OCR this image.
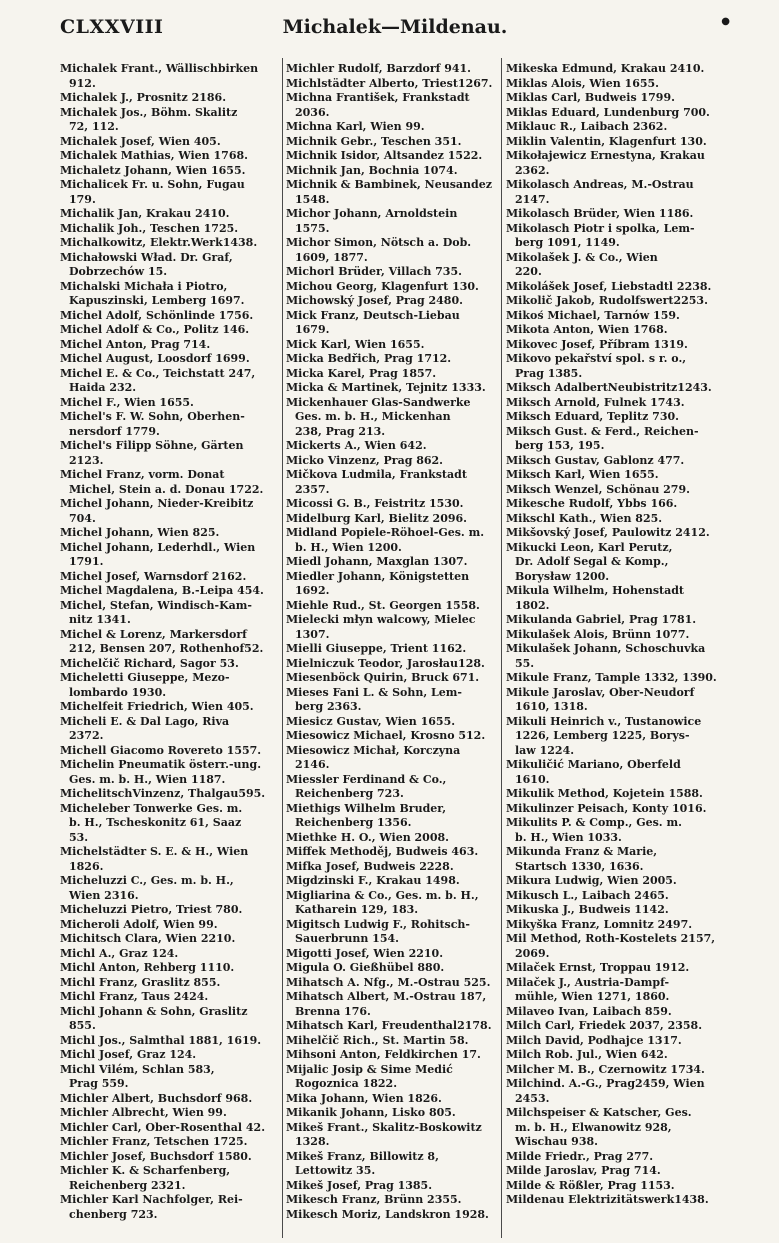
CLXXVIII	Michalek—Mildenau.	●
Michalek Frant., Wällischbirken
912.
Michalek J., Prosnitz 2186.
Michalek Jos., Böhm. Skalitz
72, 112.
Michalek Josef, Wien 405.
Michalek Mathias, Wien 1768.
Michaletz Johann, Wien 1655.
Michalicek Fr. u. Sohn, Fugau
179.
Michalik Jan, Krakau 2410.
Michalik Joh., Teschen 1725.
Michalkowitz, Elektr.Werk1438.
Michałowski Wład. Dr. Graf,
Dobrzechów 15.
Michalski Michała i Piotro,
Kapuszinski, Lemberg 1697.
Michel Adolf, Schönlinde 1756.
Michel Adolf & Co., Politz 146.
Michel Anton, Prag 714.
Michel August, Loosdorf 1699.
Michel E. & Co., Teichstatt 247,
Haida 232.
Michel F., Wien 1655.
Michel's F. W. Sohn, Oberhen-
nersdorf 1779.
Michel's Filipp Söhne, Gärten
2123.
Michel Franz, vorm. Donat
Michel, Stein a. d. Donau 1722.
Michel Johann, Nieder-Kreibitz
704.
Michel Johann, Wien 825.
Michel Johann, Lederhdl., Wien
1791.
Michel Josef, Warnsdorf 2162.
Michel Magdalena, B.-Leipa 454.
Michel, Stefan, Windisch-Kam-
nitz 1341.
Michel & Lorenz, Markersdorf
212, Bensen 207, Rothenhof52.
Michelčič Richard, Sagor 53.
Micheletti Giuseppe, Mezo-
lombardo 1930.
Michelfeit Friedrich, Wien 405.
Micheli E. & Dal Lago, Riva
2372.
Michell Giacomo Rovereto 1557.
Michelin Pneumatik österr.-ung.
Ges. m. b. H., Wien 1187.
MichelitschVinzenz, Thalgau595.
Micheleber Tonwerke Ges. m.
b. H., Tscheskonitz 61, Saaz
53.
Michelstädter S. E. & H., Wien
1826.
Micheluzzi C., Ges. m. b. H.,
Wien 2316.
Micheluzzi Pietro, Triest 780.
Micheroli Adolf, Wien 99.
Michitsch Clara, Wien 2210.
Michl A., Graz 124.
Michl Anton, Rehberg 1110.
Michl Franz, Graslitz 855.
Michl Franz, Taus 2424.
Michl Johann & Sohn, Graslitz
855.
Michl Jos., Salmthal 1881, 1619.
Michl Josef, Graz 124.
Michl Vilém, Schlan 583,
Prag 559.
Michler Albert, Buchsdorf 968.
Michler Albrecht, Wien 99.
Michler Carl, Ober-Rosenthal 42.
Michler Franz, Tetschen 1725.
Michler Josef, Buchsdorf 1580.
Michler K. & Scharfenberg,
Reichenberg 2321.
Michler Karl Nachfolger, Rei-
chenberg 723.
Michler Rudolf, Barzdorf 941.
Michlstädter Alberto, Triest1267.
Michna František, Frankstadt
2036.
Michna Karl, Wien 99.
Michnik Gebr., Teschen 351.
Michnik Isidor, Altsandez 1522.
Michnik Jan, Bochnia 1074.
Michnik & Bambinek, Neusandez
1548.
Michor Johann, Arnoldstein
1575.
Michor Simon, Nötsch a. Dob.
1609, 1877.
Michorl Brüder, Villach 735.
Michou Georg, Klagenfurt 130.
Michowský Josef, Prag 2480.
Mick Franz, Deutsch-Liebau
1679.
Mick Karl, Wien 1655.
Micka Bedřich, Prag 1712.
Micka Karel, Prag 1857.
Micka & Martinek, Tejnitz 1333.
Mickenhauer Glas-Sandwerke
Ges. m. b. H., Mickenhan
238, Prag 213.
Mickerts A., Wien 642.
Micko Vinzenz, Prag 862.
Mičkova Ludmila, Frankstadt
2357.
Micossi G. B., Feistritz 1530.
Midelburg Karl, Bielitz 2096.
Midland Popiele-Röhoel-Ges. m.
b. H., Wien 1200.
Miedl Johann, Maxglan 1307.
Miedler Johann, Königstetten
1692.
Miehle Rud., St. Georgen 1558.
Mielecki młyn walcowy, Mielec
1307.
Mielli Giuseppe, Trient 1162.
Mielniczuk Teodor, Jarosłau128.
Miesenböck Quirin, Bruck 671.
Mieses Fani L. & Sohn, Lem-
berg 2363.
Miesicz Gustav, Wien 1655.
Miesowicz Michael, Krosno 512.
Miesowicz Michał, Korczyna
2146.
Miessler Ferdinand & Co.,
Reichenberg 723.
Miethigs Wilhelm Bruder,
Reichenberg 1356.
Miethke H. O., Wien 2008.
Miffek Methoděj, Budweis 463.
Mifka Josef, Budweis 2228.
Migdzinski F., Krakau 1498.
Migliarina & Co., Ges. m. b. H.,
Katharein 129, 183.
Migitsch Ludwig F., Rohitsch-
Sauerbrunn 154.
Migotti Josef, Wien 2210.
Migula O. Gießhübel 880.
Mihatsch A. Nfg., M.-Ostrau 525.
Mihatsch Albert, M.-Ostrau 187,
Brenna 176.
Mihatsch Karl, Freudenthal2178.
Mihelčič Rich., St. Martin 58.
Mihsoni Anton, Feldkirchen 17.
Mijalic Josip & Sime Medić
Rogoznica 1822.
Mika Johann, Wien 1826.
Mikanik Johann, Lisko 805.
Mikeš Frant., Skalitz-Boskowitz
1328.
Mikeš Franz, Billowitz 8,
Lettowitz 35.
Mikeš Josef, Prag 1385.
Mikesch Franz, Brünn 2355.
Mikesch Moriz, Landskron 1928.
Mikeska Edmund, Krakau 2410.
Miklas Alois, Wien 1655.
Miklas Carl, Budweis 1799.
Miklas Eduard, Lundenburg 700.
Miklauc R., Laibach 2362.
Miklin Valentin, Klagenfurt 130.
Mikołajewicz Ernestyna, Krakau
2362.
Mikolasch Andreas, M.-Ostrau
2147.
Mikolasch Brüder, Wien 1186.
Mikolasch Piotr i spolka, Lem-
berg 1091, 1149.
Mikolašek J. & Co., Wien
220.
Mikolášek Josef, Liebstadtl 2238.
Mikolič Jakob, Rudolfswert2253.
Mikoś Michael, Tarnów 159.
Mikota Anton, Wien 1768.
Mikovec Josef, Příbram 1319.
Mikovo pekařství spol. s r. o.,
Prag 1385.
Miksch AdalbertNeubistritz1243.
Miksch Arnold, Fulnek 1743.
Miksch Eduard, Teplitz 730.
Miksch Gust. & Ferd., Reichen-
berg 153, 195.
Miksch Gustav, Gablonz 477.
Miksch Karl, Wien 1655.
Miksch Wenzel, Schönau 279.
Mikesche Rudolf, Ybbs 166.
Mikschl Kath., Wien 825.
Mikšovský Josef, Paulowitz 2412.
Mikucki Leon, Karl Perutz,
Dr. Adolf Segal & Komp.,
Borysław 1200.
Mikula Wilhelm, Hohenstadt
1802.
Mikulanda Gabriel, Prag 1781.
Mikulašek Alois, Brünn 1077.
Mikulašek Johann, Schoschuvka
55.
Mikule Franz, Tample 1332, 1390.
Mikule Jaroslav, Ober-Neudorf
1610, 1318.
Mikuli Heinrich v., Tustanowice
1226, Lemberg 1225, Borys-
law 1224.
Mikuličić Mariano, Oberfeld
1610.
Mikulik Method, Kojetein 1588.
Mikulinzer Peisach, Konty 1016.
Mikulits P. & Comp., Ges. m.
b. H., Wien 1033.
Mikunda Franz & Marie,
Startsch 1330, 1636.
Mikura Ludwig, Wien 2005.
Mikusch L., Laibach 2465.
Mikuska J., Budweis 1142.
Mikyška Franz, Lomnitz 2497.
Mil Method, Roth-Kostelets 2157,
2069.
Milaček Ernst, Troppau 1912.
Milaček J., Austria-Dampf-
mühle, Wien 1271, 1860.
Milaveo Ivan, Laibach 859.
Milch Carl, Friedek 2037, 2358.
Milch David, Podhajce 1317.
Milch Rob. Jul., Wien 642.
Milcher M. B., Czernowitz 1734.
Milchind. A.-G., Prag2459, Wien
2453.
Milchspeiser & Katscher, Ges.
m. b. H., Elwanowitz 928,
Wischau 938.
Milde Friedr., Prag 277.
Milde Jaroslav, Prag 714.
Milde & Rößler, Prag 1153.
Mildenau Elektrizitätswerk1438.
